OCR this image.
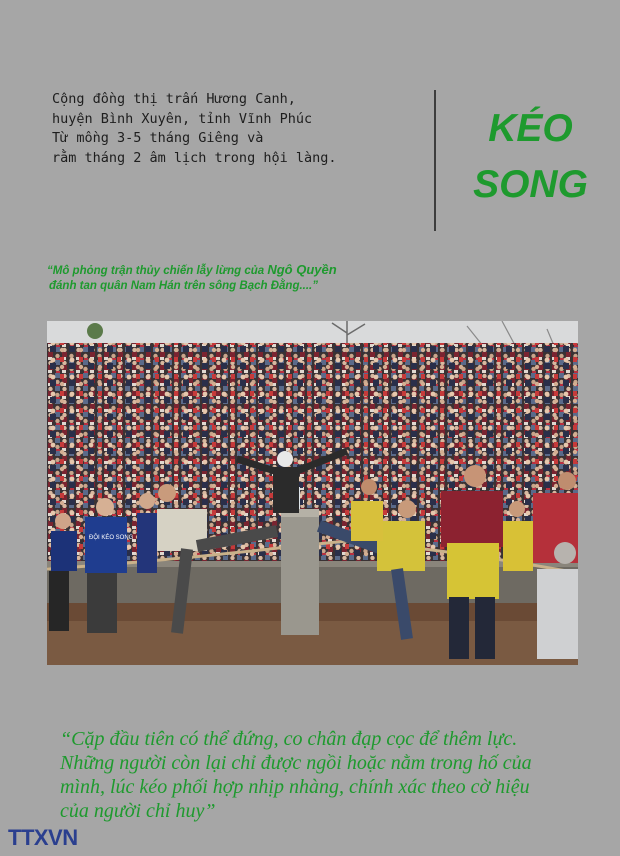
Cộng đồng thị trấn Hương Canh,
huyện Bình Xuyên, tỉnh Vĩnh Phúc
Từ mồng 3-5 tháng Giêng và
rằm tháng 2 âm lịch trong hội làng.
KÉO
SONG
“Mô phỏng trận thủy chiến lẫy lừng của Ngô Quyền
đánh tan quân Nam Hán trên sông Bạch Đằng....”
ĐỘI KÉO SONG
“Cặp đầu tiên có thể đứng, co chân đạp cọc để thêm lực.
Những người còn lại chỉ được ngồi hoặc nằm trong hố của
mình, lúc kéo phối hợp nhịp nhàng, chính xác theo cờ hiệu
của người chỉ huy”
TTXVN
